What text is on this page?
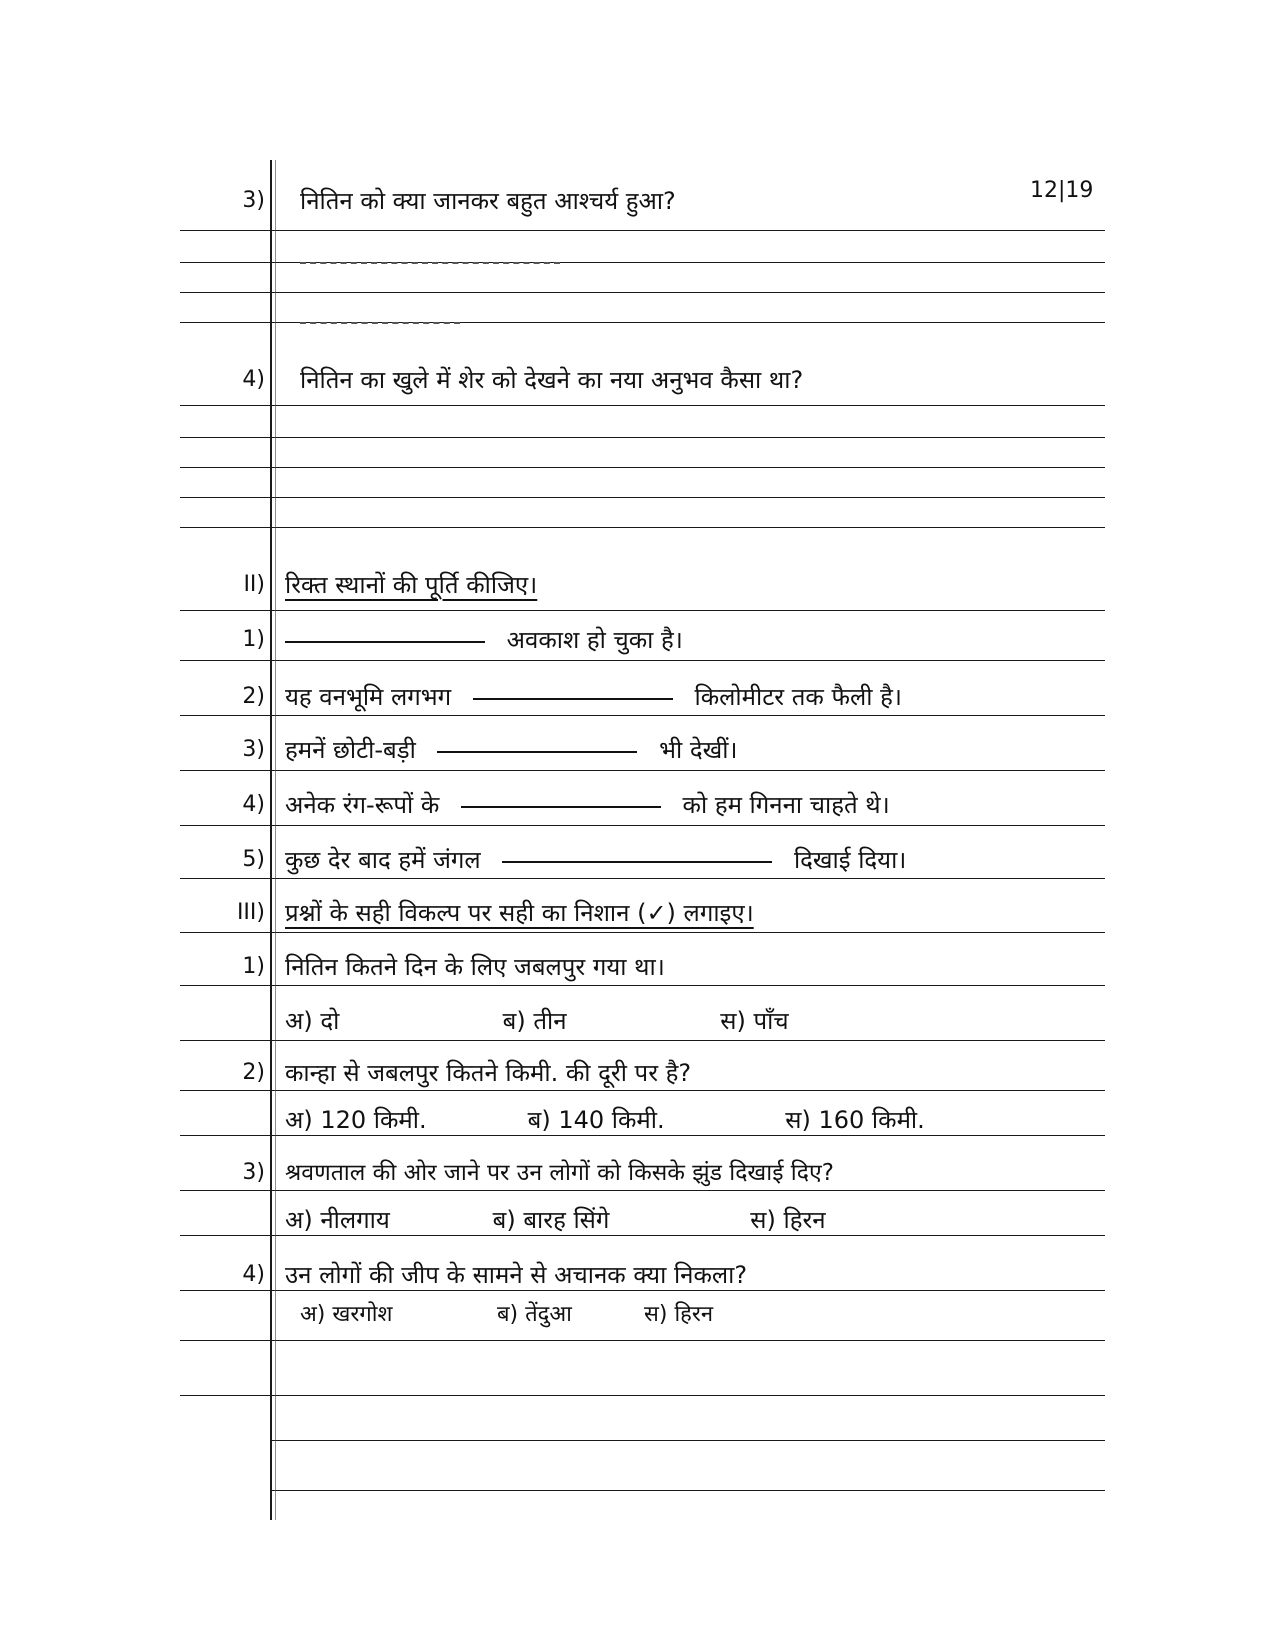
12|19
3) नितिन को क्या जानकर बहुत आश्चर्य हुआ?
4) नितिन का खुले में शेर को देखने का नया अनुभव कैसा था?
II) रिक्त स्थानों की पूर्ति कीजिए।
1)	अवकाश हो चुका है।
2) यह वनभूमि लगभग	किलोमीटर तक फैली है।
3) हमनें छोटी-बड़ी	भी देखीं।
4) अनेक रंग-रूपों के	को हम गिनना चाहते थे।
5) कुछ देर बाद हमें जंगल	दिखाई दिया।
III) प्रश्नों के सही विकल्प पर सही का निशान (✓) लगाइए।
1) नितिन कितने दिन के लिए जबलपुर गया था।
अ) दो	ब) तीन	स) पाँच
2) कान्हा से जबलपुर कितने किमी. की दूरी पर है?
अ) 120 किमी.	ब) 140 किमी.	स) 160 किमी.
3) श्रवणताल की ओर जाने पर उन लोगों को किसके झुंड दिखाई दिए?
अ) नीलगाय	ब) बारह सिंगे	स) हिरन
4) उन लोगों की जीप के सामने से अचानक क्या निकला?
अ) खरगोश	ब) तेंदुआ	स) हिरन
